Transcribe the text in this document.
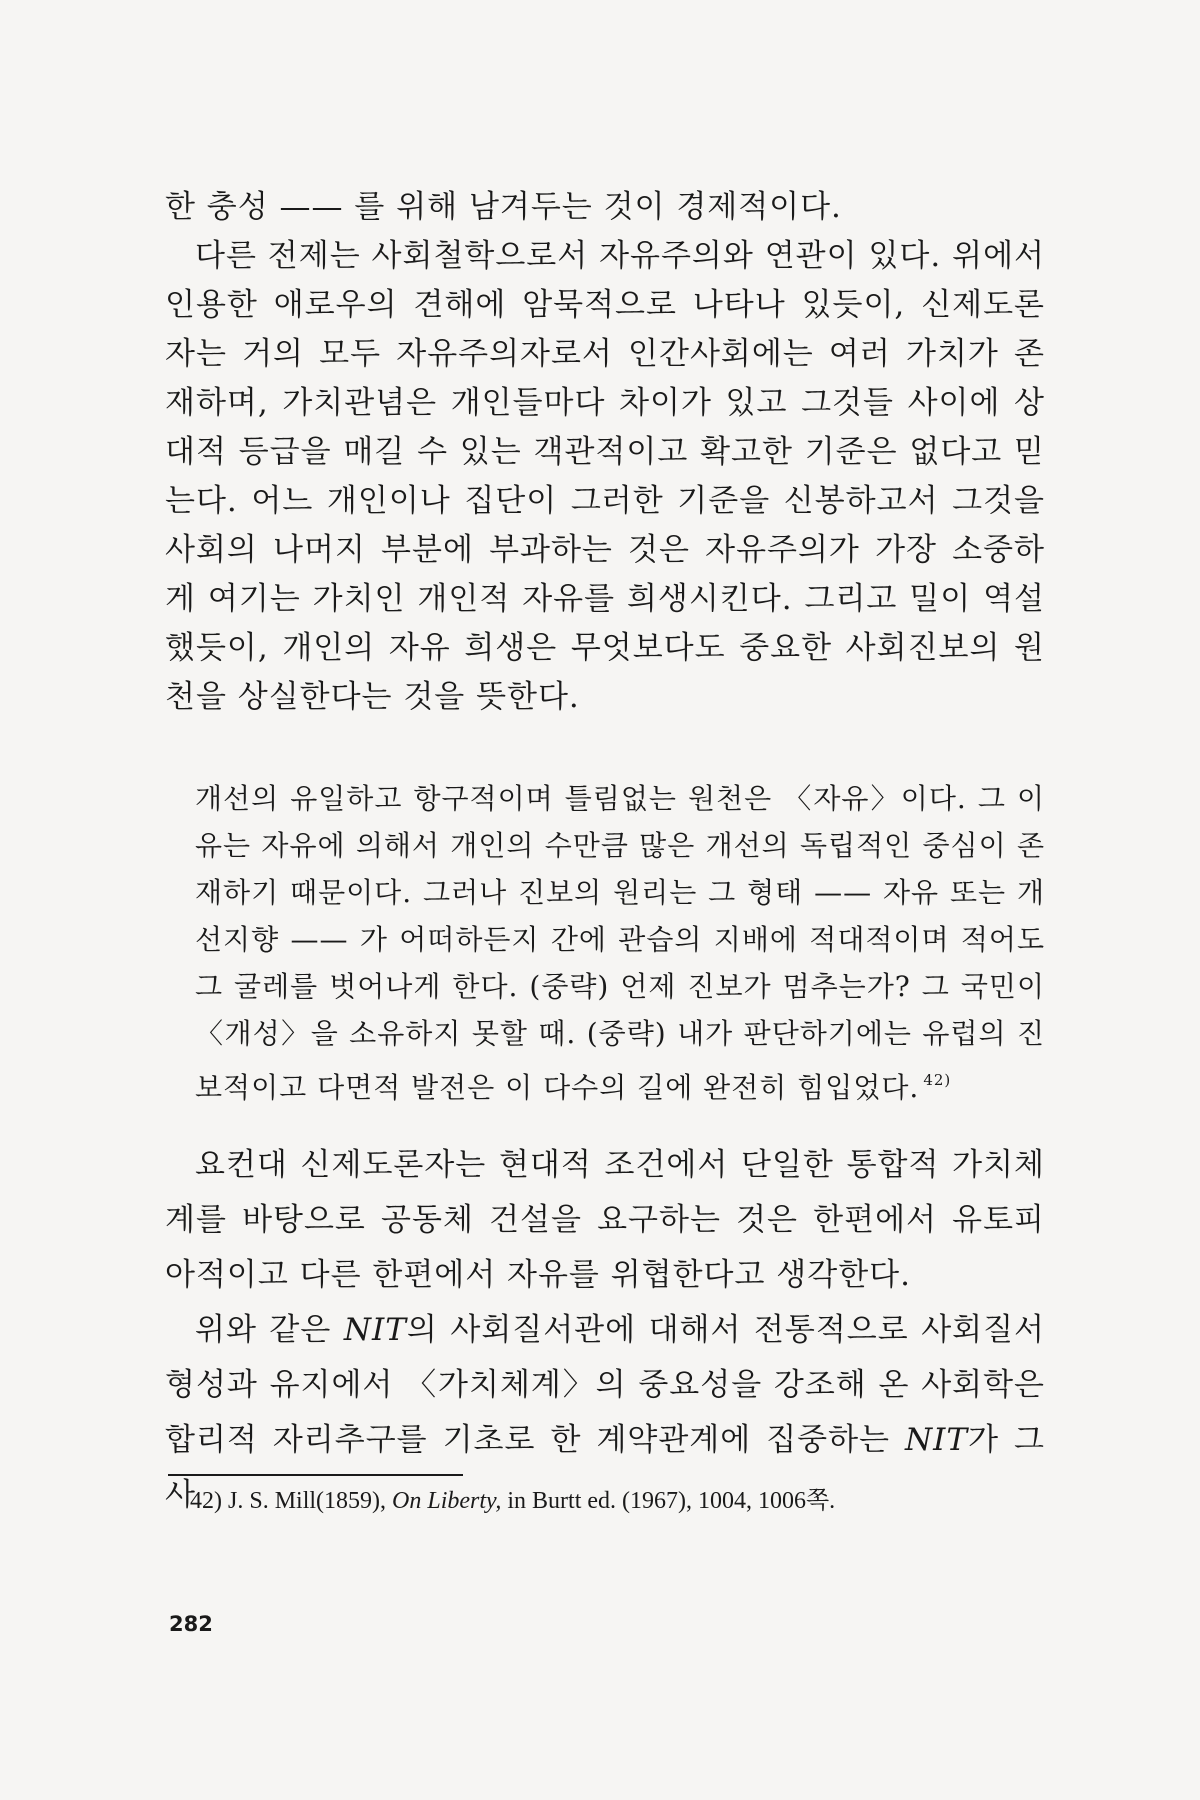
한 충성 —— 를 위해 남겨두는 것이 경제적이다.

다른 전제는 사회철학으로서 자유주의와 연관이 있다. 위에서 인용한 애로우의 견해에 암묵적으로 나타나 있듯이, 신제도론자는 거의 모두 자유주의자로서 인간사회에는 여러 가치가 존재하며, 가치관념은 개인들마다 차이가 있고 그것들 사이에 상대적 등급을 매길 수 있는 객관적이고 확고한 기준은 없다고 믿는다. 어느 개인이나 집단이 그러한 기준을 신봉하고서 그것을 사회의 나머지 부분에 부과하는 것은 자유주의가 가장 소중하게 여기는 가치인 개인적 자유를 희생시킨다. 그리고 밀이 역설했듯이, 개인의 자유 희생은 무엇보다도 중요한 사회진보의 원천을 상실한다는 것을 뜻한다.

개선의 유일하고 항구적이며 틀림없는 원천은 〈자유〉이다. 그 이유는 자유에 의해서 개인의 수만큼 많은 개선의 독립적인 중심이 존재하기 때문이다. 그러나 진보의 원리는 그 형태 —— 자유 또는 개선지향 —— 가 어떠하든지 간에 관습의 지배에 적대적이며 적어도 그 굴레를 벗어나게 한다. (중략) 언제 진보가 멈추는가? 그 국민이 〈개성〉을 소유하지 못할 때. (중략) 내가 판단하기에는 유럽의 진보적이고 다면적 발전은 이 다수의 길에 완전히 힘입었다. $^{42)}$

요컨대 신제도론자는 현대적 조건에서 단일한 통합적 가치체계를 바탕으로 공동체 건설을 요구하는 것은 한편에서 유토피아적이고 다른 한편에서 자유를 위협한다고 생각한다.

위와 같은 NIT의 사회질서관에 대해서 전통적으로 사회질서 형성과 유지에서 〈가치체계〉의 중요성을 강조해 온 사회학은 합리적 자리추구를 기초로 한 계약관계에 집중하는 NIT가 그 사

42) J. S. Mill(1859), On Liberty, in Burtt ed. (1967), 1004, 1006쪽.
282
